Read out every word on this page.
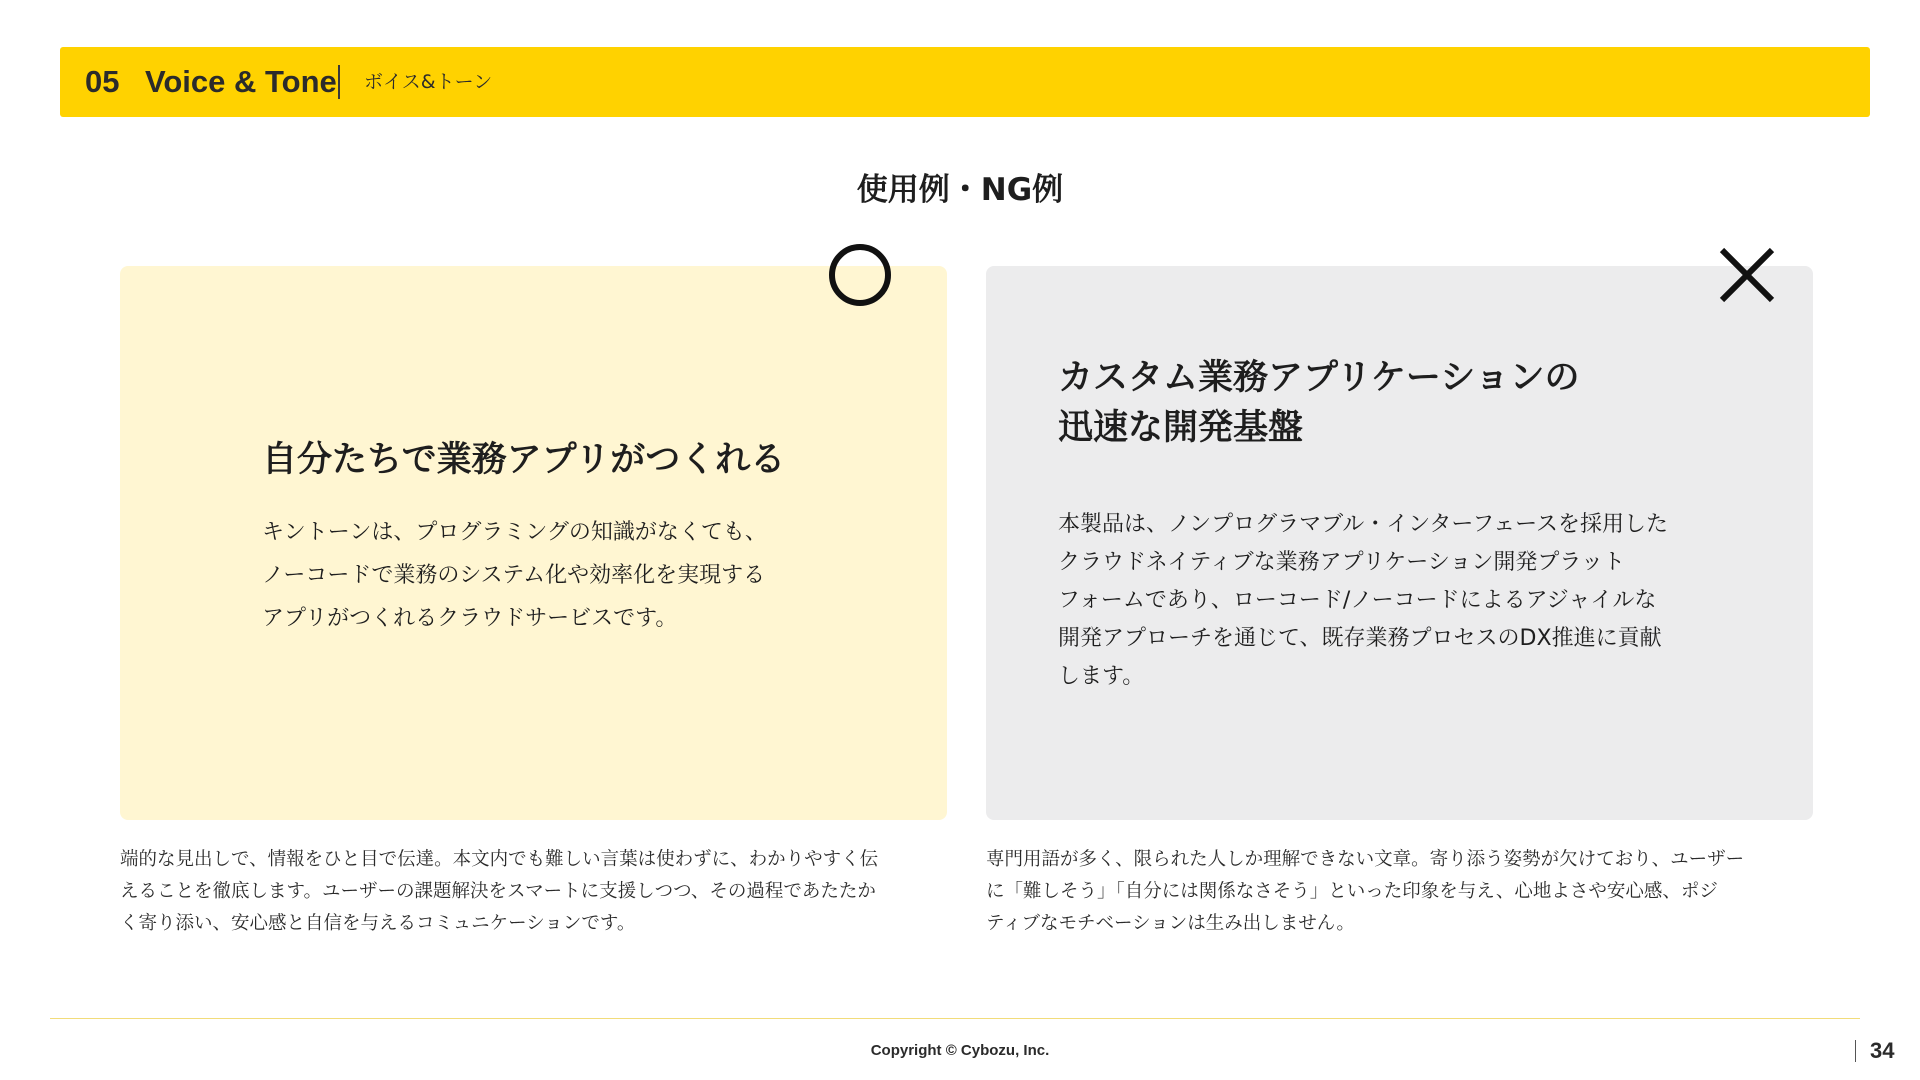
05 Voice & Tone ボイス&トーン
使用例・NG例
自分たちで業務アプリがつくれる
キントーンは、プログラミングの知識がなくても、
ノーコードで業務のシステム化や効率化を実現する
アプリがつくれるクラウドサービスです。
カスタム業務アプリケーションの
迅速な開発基盤
本製品は、ノンプログラマブル・インターフェースを採用した
クラウドネイティブな業務アプリケーション開発プラット
フォームであり、ローコード/ノーコードによるアジャイルな
開発アプローチを通じて、既存業務プロセスのDX推進に貢献
します。
端的な見出しで、情報をひと目で伝達。本文内でも難しい言葉は使わずに、わかりやすく伝
えることを徹底します。ユーザーの課題解決をスマートに支援しつつ、その過程であたたか
く寄り添い、安心感と自信を与えるコミュニケーションです。
専門用語が多く、限られた人しか理解できない文章。寄り添う姿勢が欠けており、ユーザー
に「難しそう」「自分には関係なさそう」といった印象を与え、心地よさや安心感、ポジ
ティブなモチベーションは生み出しません。
Copyright © Cybozu, Inc.	34
